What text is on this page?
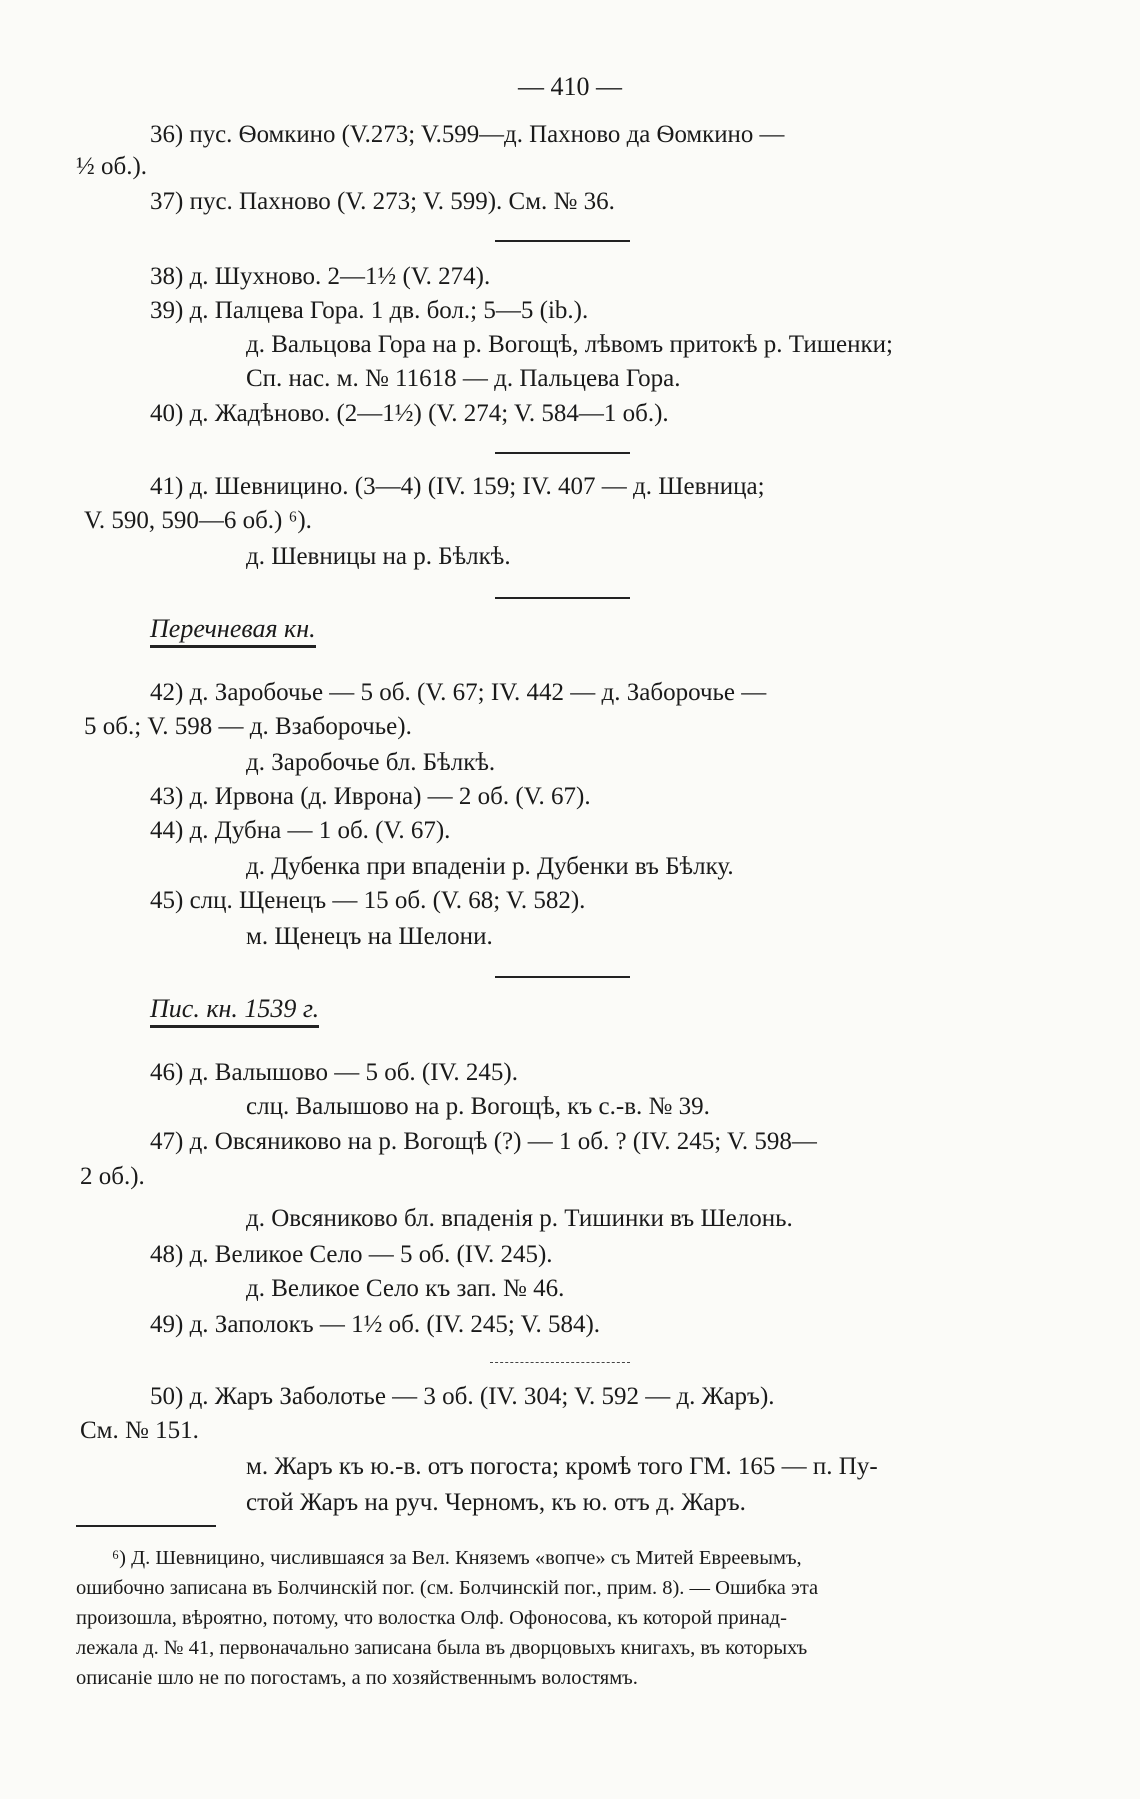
— 410 —
36) пус. Ѳомкино (V.273; V.599—д. Пахново да Ѳомкино —
½ об.).
37) пус. Пахново (V. 273; V. 599). См. № 36.
38) д. Шухново. 2—1½ (V. 274).
39) д. Палцева Гора. 1 дв. бол.; 5—5 (ib.).
д. Вальцова Гора на р. Вогощѣ, лѣвомъ притокѣ р. Тишенки;
Сп. нас. м. № 11618 — д. Пальцева Гора.
40) д. Жадѣново. (2—1½) (V. 274; V. 584—1 об.).
41) д. Шевницино. (3—4) (IV. 159; IV. 407 — д. Шевница;
V. 590, 590—6 об.) ⁶).
д. Шевницы на р. Бѣлкѣ.
Перечневая кн.
42) д. Заробочье — 5 об. (V. 67; IV. 442 — д. Заборочье —
5 об.; V. 598 — д. Взаборочье).
д. Заробочье бл. Бѣлкѣ.
43) д. Ирвона (д. Иврона) — 2 об. (V. 67).
44) д. Дубна — 1 об. (V. 67).
д. Дубенка при впаденіи р. Дубенки въ Бѣлку.
45) слц. Щенецъ — 15 об. (V. 68; V. 582).
м. Щенецъ на Шелони.
Пис. кн. 1539 г.
46) д. Валышово — 5 об. (IV. 245).
слц. Валышово на р. Вогощѣ, къ с.-в. № 39.
47) д. Овсяниково на р. Вогощѣ (?) — 1 об. ? (IV. 245; V. 598—
2 об.).
д. Овсяниково бл. впаденія р. Тишинки въ Шелонь.
48) д. Великое Село — 5 об. (IV. 245).
д. Великое Село къ зап. № 46.
49) д. Заполокъ — 1½ об. (IV. 245; V. 584).
50) д. Жаръ Заболотье — 3 об. (IV. 304; V. 592 — д. Жаръ).
См. № 151.
м. Жаръ къ ю.-в. отъ погоста; кромѣ того ГМ. 165 — п. Пу-
стой Жаръ на руч. Черномъ, къ ю. отъ д. Жаръ.
⁶) Д. Шевницино, числившаяся за Вел. Княземъ «вопче» съ Митей Евреевымъ,
ошибочно записана въ Болчинскій пог. (см. Болчинскій пог., прим. 8). — Ошибка эта
произошла, вѣроятно, потому, что волостка Олф. Офоносова, къ которой принад-
лежала д. № 41, первоначально записана была въ дворцовыхъ книгахъ, въ которыхъ
описаніе шло не по погостамъ, а по хозяйственнымъ волостямъ.
